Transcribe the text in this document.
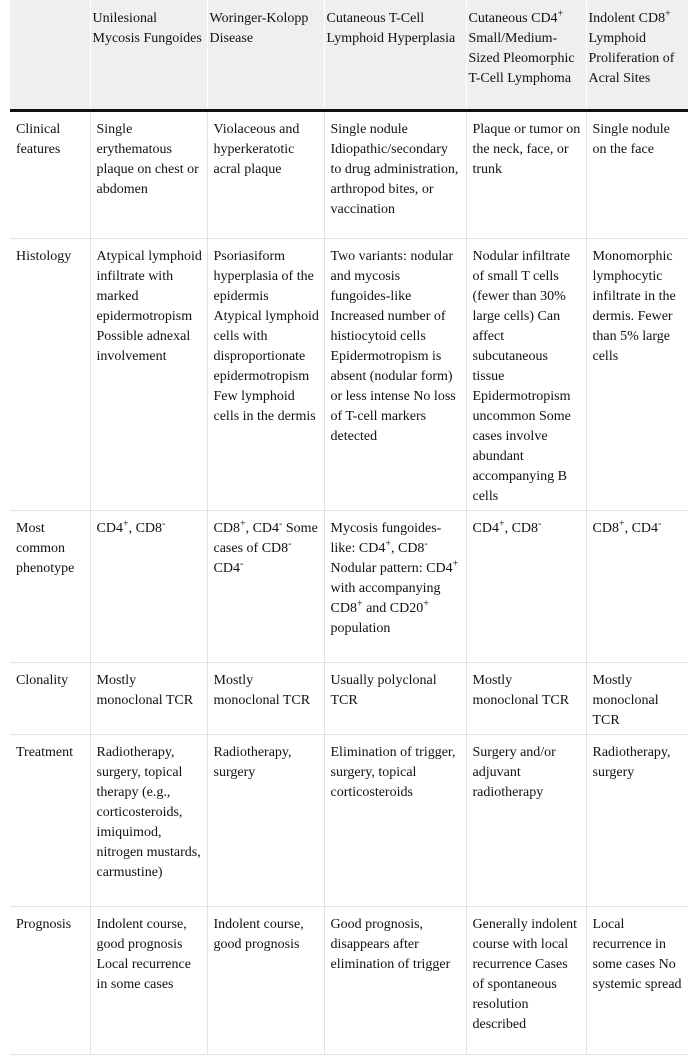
	Unilesional Mycosis Fungoides	Woringer-Kolopp Disease	Cutaneous T-Cell Lymphoid Hyperplasia	Cutaneous CD4+ Small/Medium-Sized Pleomorphic T-Cell Lymphoma	Indolent CD8+ Lymphoid Proliferation of Acral Sites
Clinical features	Single erythematous plaque on chest or abdomen	Violaceous and hyperkeratotic acral plaque	Single nodule Idiopathic/secondary to drug administration, arthropod bites, or vaccination	Plaque or tumor on the neck, face, or trunk	Single nodule on the face
Histology	Atypical lymphoid infiltrate with marked epidermotropism Possible adnexal involvement	Psoriasiform hyperplasia of the epidermis Atypical lymphoid cells with disproportionate epidermotropism Few lymphoid cells in the dermis	Two variants: nodular and mycosis fungoides-like Increased number of histiocytoid cells Epidermotropism is absent (nodular form) or less intense No loss of T-cell markers detected	Nodular infiltrate of small T cells (fewer than 30% large cells) Can affect subcutaneous tissue Epidermotropism uncommon Some cases involve abundant accompanying B cells	Monomorphic lymphocytic infiltrate in the dermis. Fewer than 5% large cells
Most common phenotype	CD4+, CD8-	CD8+, CD4- Some cases of CD8- CD4-	Mycosis fungoides-like: CD4+, CD8- Nodular pattern: CD4+ with accompanying CD8+ and CD20+ population	CD4+, CD8-	CD8+, CD4-
Clonality	Mostly monoclonal TCR	Mostly monoclonal TCR	Usually polyclonal TCR	Mostly monoclonal TCR	Mostly monoclonal TCR
Treatment	Radiotherapy, surgery, topical therapy (e.g., corticosteroids, imiquimod, nitrogen mustards, carmustine)	Radiotherapy, surgery	Elimination of trigger, surgery, topical corticosteroids	Surgery and/or adjuvant radiotherapy	Radiotherapy, surgery
Prognosis	Indolent course, good prognosis Local recurrence in some cases	Indolent course, good prognosis	Good prognosis, disappears after elimination of trigger	Generally indolent course with local recurrence Cases of spontaneous resolution described	Local recurrence in some cases No systemic spread
